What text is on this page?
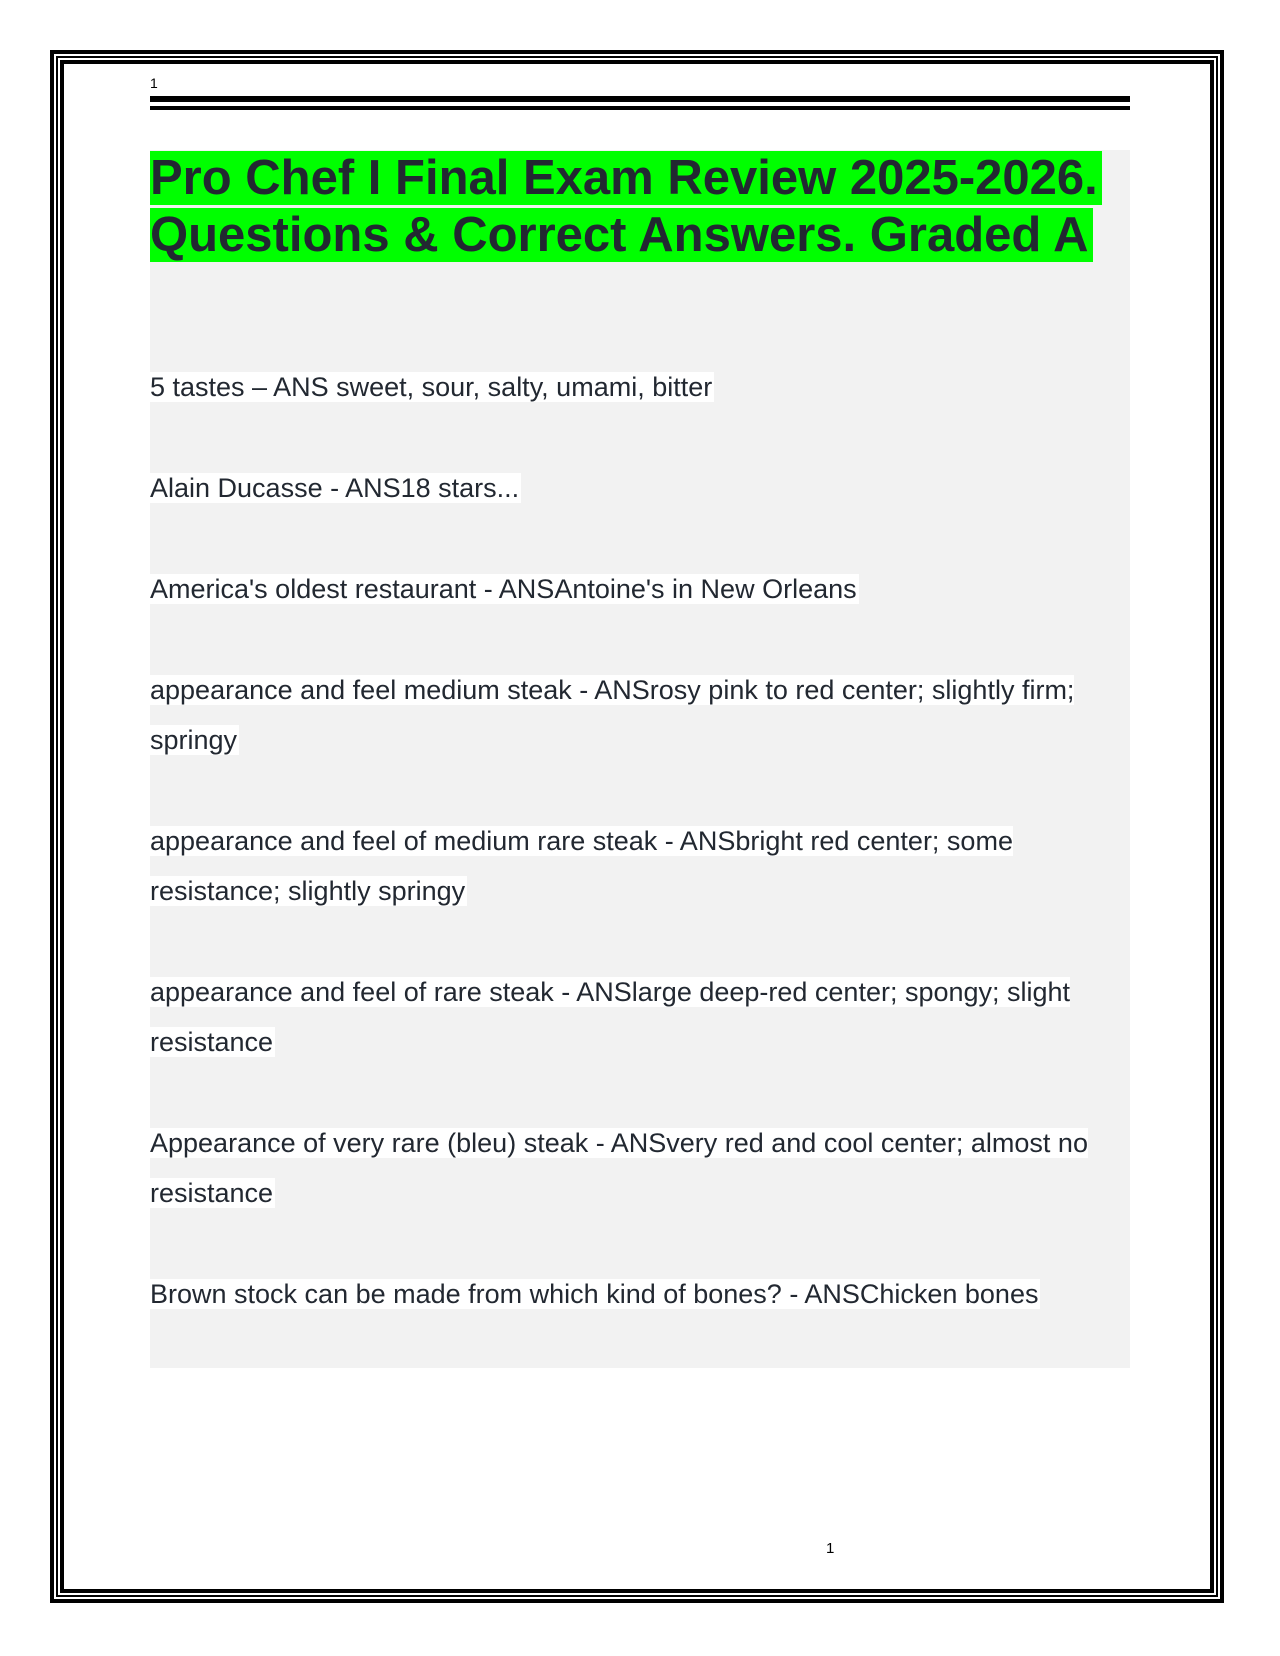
1
Pro Chef I Final Exam Review 2025-2026.
Questions & Correct Answers. Graded A
5 tastes – ANS sweet, sour, salty, umami, bitter
Alain Ducasse - ANS18 stars...
America's oldest restaurant - ANSAntoine's in New Orleans
appearance and feel medium steak - ANSrosy pink to red center; slightly firm; springy
appearance and feel of medium rare steak - ANSbright red center; some resistance; slightly springy
appearance and feel of rare steak - ANSlarge deep-red center; spongy; slight resistance
Appearance of very rare (bleu) steak - ANSvery red and cool center; almost no resistance
Brown stock can be made from which kind of bones? - ANSChicken bones
1
